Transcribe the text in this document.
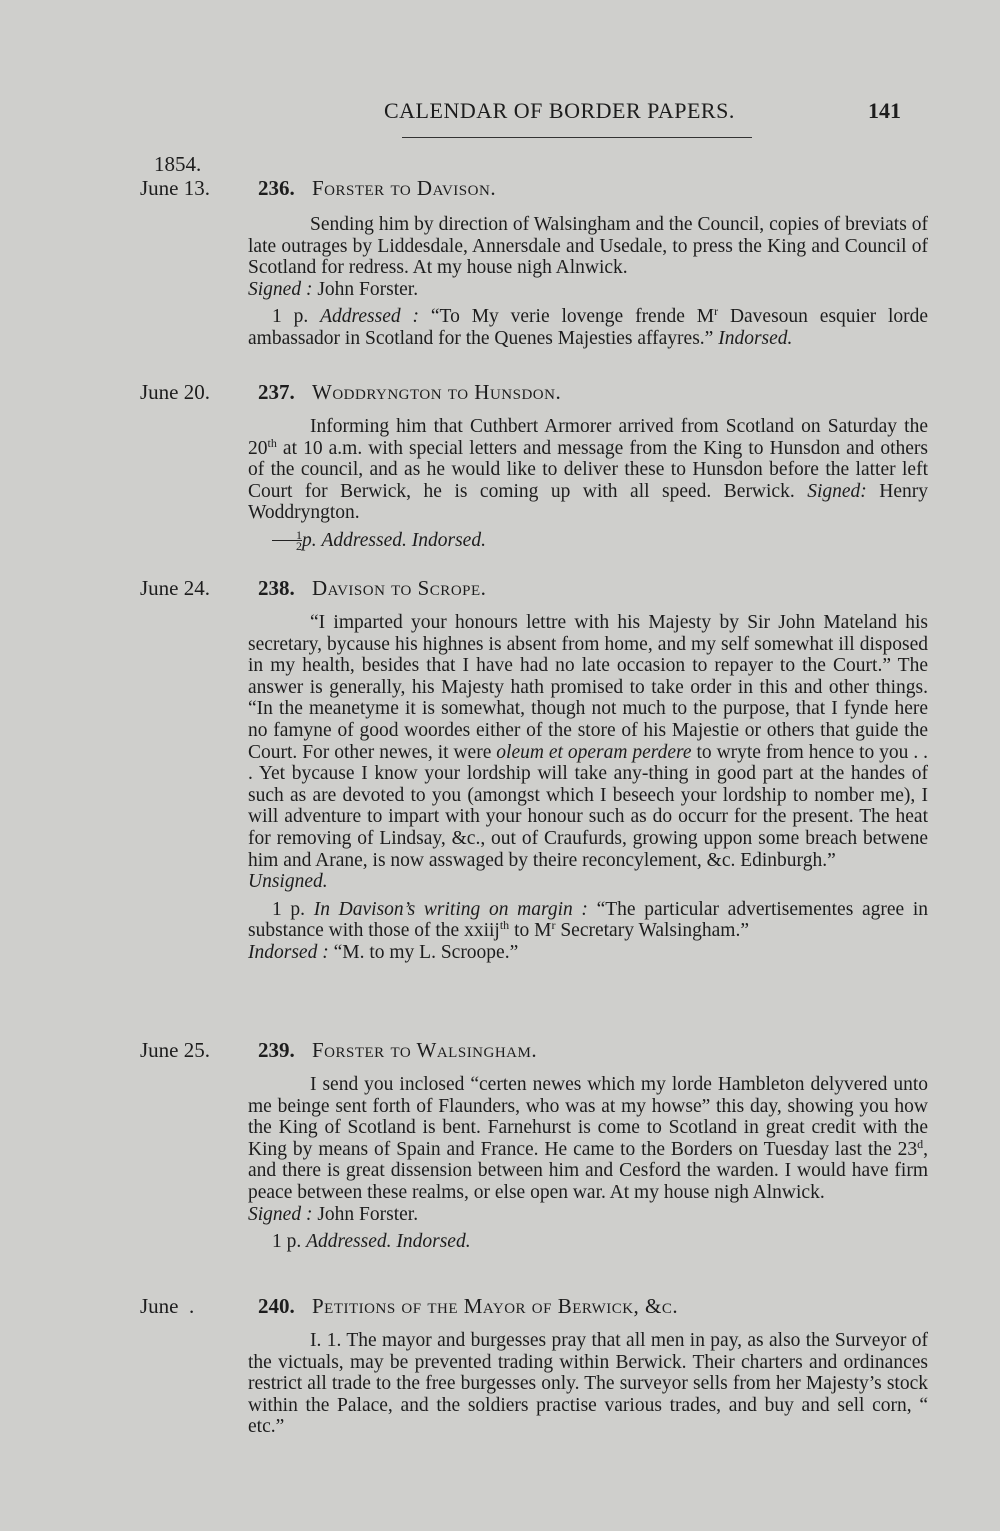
CALENDAR OF BORDER PAPERS.	141
1854.
June 13. 236. Forster to Davison.

Sending him by direction of Walsingham and the Council, copies of breviats of late outrages by Liddesdale, Annersdale and Usedale, to press the King and Council of Scotland for redress. At my house nigh Alnwick.
Signed : John Forster.

1 p. Addressed : “To My verie lovenge frende $M^r$ Davesoun esquier lorde ambassador in Scotland for the Quenes Majesties affayres.” Indorsed.

June 20. 237. Woddryngton to Hunsdon.

Informing him that Cuthbert Armorer arrived from Scotland on Saturday the 20th at 10 a.m. with special letters and message from the King to Hunsdon and others of the council, and as he would like to deliver these to Hunsdon before the latter left Court for Berwick, he is coming up with all speed. Berwick. Signed: Henry Woddryngton.

$\frac{1}{2} p$. Addressed. Indorsed.

June 24. 238. Davison to Scrope.

“I imparted your honours lettre with his Majesty by Sir John Mateland his secretary, bycause his highnes is absent from home, and my self somewhat ill disposed in my health, besides that I have had no late occasion to repayer to the Court.” The answer is generally, his Majesty hath promised to take order in this and other things. “In the meanetyme it is somewhat, though not much to the purpose, that I fynde here no famyne of good woordes either of the store of his Majestie or others that guide the Court. For other newes, it were oleum et operam perdere to wryte from hence to you . . . Yet bycause I know your lordship will take any-thing in good part at the handes of such as are devoted to you (amongst which I beseech your lordship to nomber me), I will adventure to impart with your honour such as do occurr for the present. The heat for removing of Lindsay, &c., out of Craufurds, growing uppon some breach betwene him and Arane, is now asswaged by theire reconcylement, &c. Edinburgh.”
Unsigned.

1 p. In Davison’s writing on margin : “The particular advertisementes agree in substance with those of the xxiij$^{th}$ to $M^r$ Secretary Walsingham.”
Indorsed : “M. to my L. Scroope.”

June 25. 239. Forster to Walsingham.

I send you inclosed “certen newes which my lorde Hambleton delyvered unto me beinge sent forth of Flaunders, who was at my howse” this day, showing you how the King of Scotland is bent. Farnehurst is come to Scotland in great credit with the King by means of Spain and France. He came to the Borders on Tuesday last the 23$^d$, and there is great dissension between him and Cesford the warden. I would have firm peace between these realms, or else open war. At my house nigh Alnwick.
Signed : John Forster.

1 p. Addressed. Indorsed.

June  .	240. Petitions of the Mayor of Berwick, &c.

I. 1. The mayor and burgesses pray that all men in pay, as also the Surveyor of the victuals, may be prevented trading within Berwick. Their charters and ordinances restrict all trade to the free burgesses only. The surveyor sells from her Majesty’s stock within the Palace, and the soldiers practise various trades, and buy and sell corn, “ etc.”
